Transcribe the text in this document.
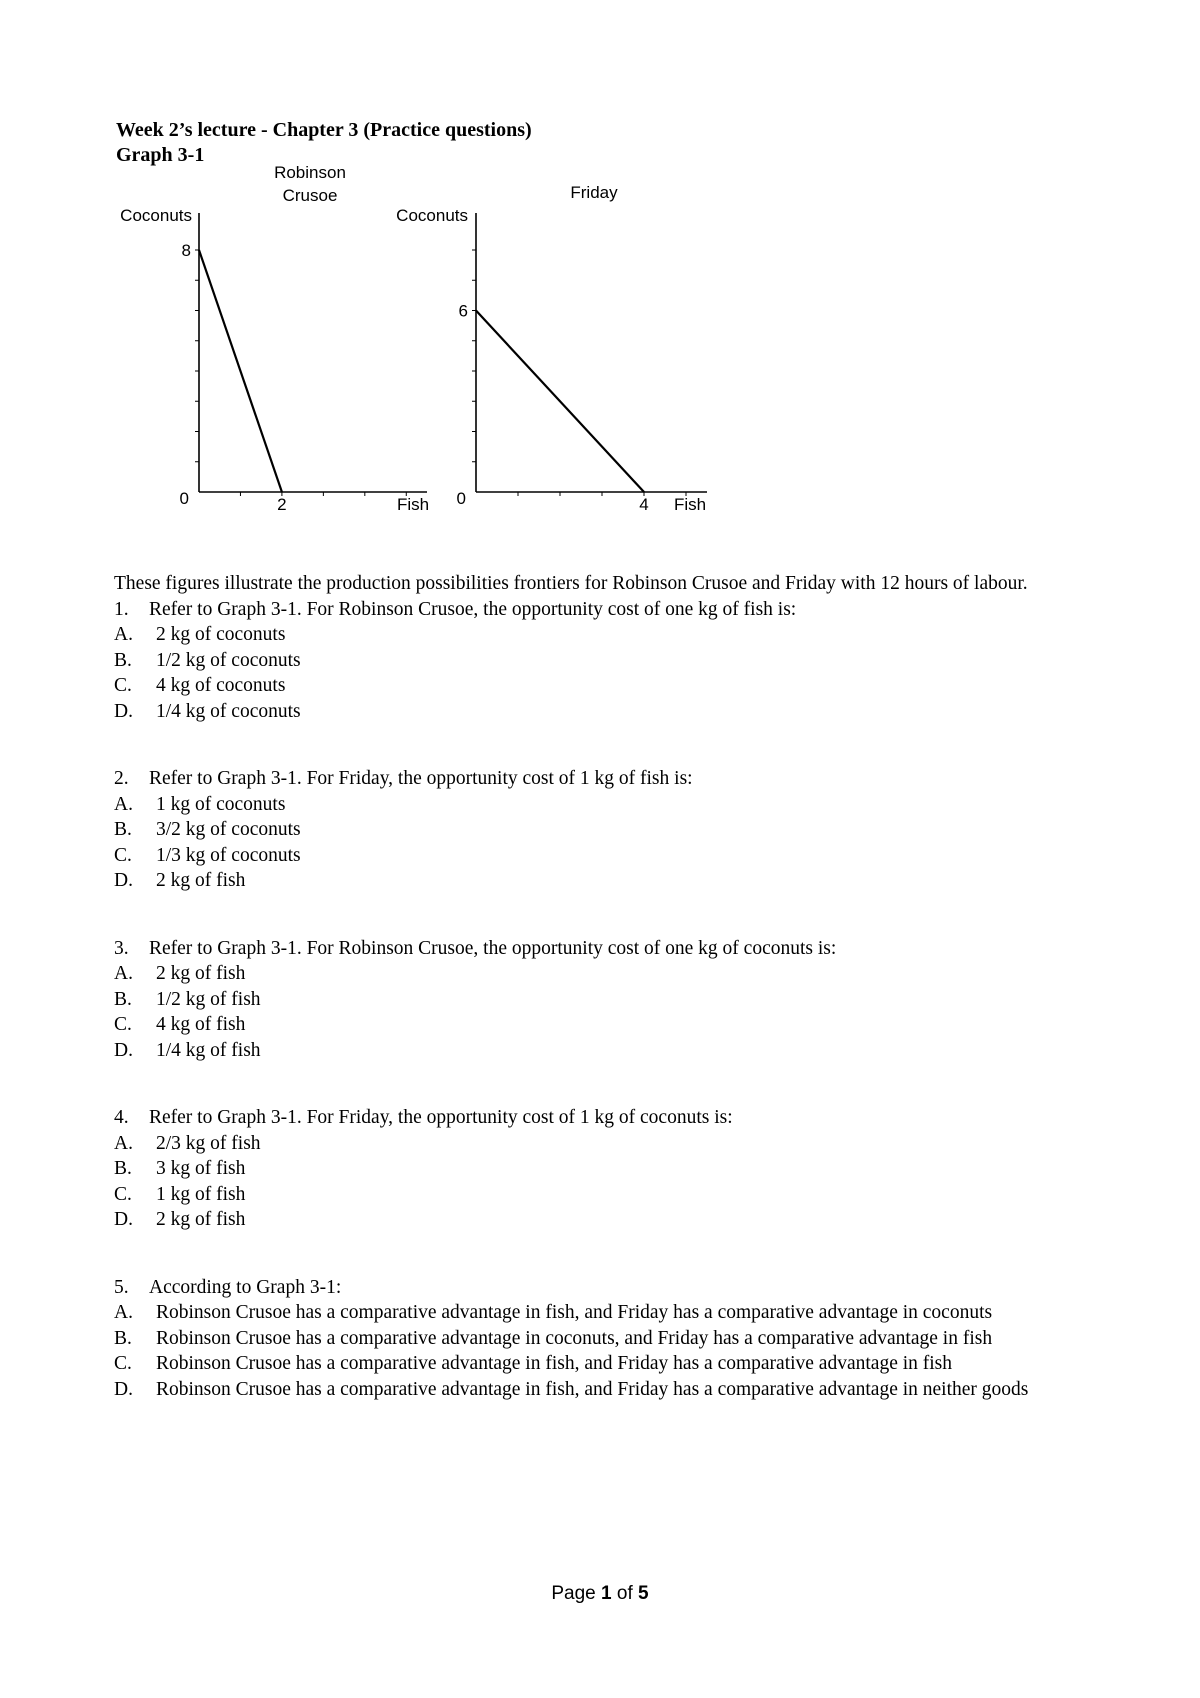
Week 2’s lecture - Chapter 3 (Practice questions)
Graph 3-1
Robinson
Crusoe
Coconuts
Fish
0
8
2
Friday
Coconuts
Fish
0
6
4

These figures illustrate the production possibilities frontiers for Robinson Crusoe and Friday with 12 hours of labour.

1. Refer to Graph 3-1. For Robinson Crusoe, the opportunity cost of one kg of fish is:
A. 2 kg of coconuts
B. 1/2 kg of coconuts
C. 4 kg of coconuts
D. 1/4 kg of coconuts
2. Refer to Graph 3-1. For Friday, the opportunity cost of 1 kg of fish is:
A. 1 kg of coconuts
B. 3/2 kg of coconuts
C. 1/3 kg of coconuts
D. 2 kg of fish
3. Refer to Graph 3-1. For Robinson Crusoe, the opportunity cost of one kg of coconuts is:
A. 2 kg of fish
B. 1/2 kg of fish
C. 4 kg of fish
D. 1/4 kg of fish
4. Refer to Graph 3-1. For Friday, the opportunity cost of 1 kg of coconuts is:
A. 2/3 kg of fish
B. 3 kg of fish
C. 1 kg of fish
D. 2 kg of fish
5. According to Graph 3-1:
A. Robinson Crusoe has a comparative advantage in fish, and Friday has a comparative advantage in coconuts
B. Robinson Crusoe has a comparative advantage in coconuts, and Friday has a comparative advantage in fish
C. Robinson Crusoe has a comparative advantage in fish, and Friday has a comparative advantage in fish
D. Robinson Crusoe has a comparative advantage in fish, and Friday has a comparative advantage in neither goods
Page 1 of 5
